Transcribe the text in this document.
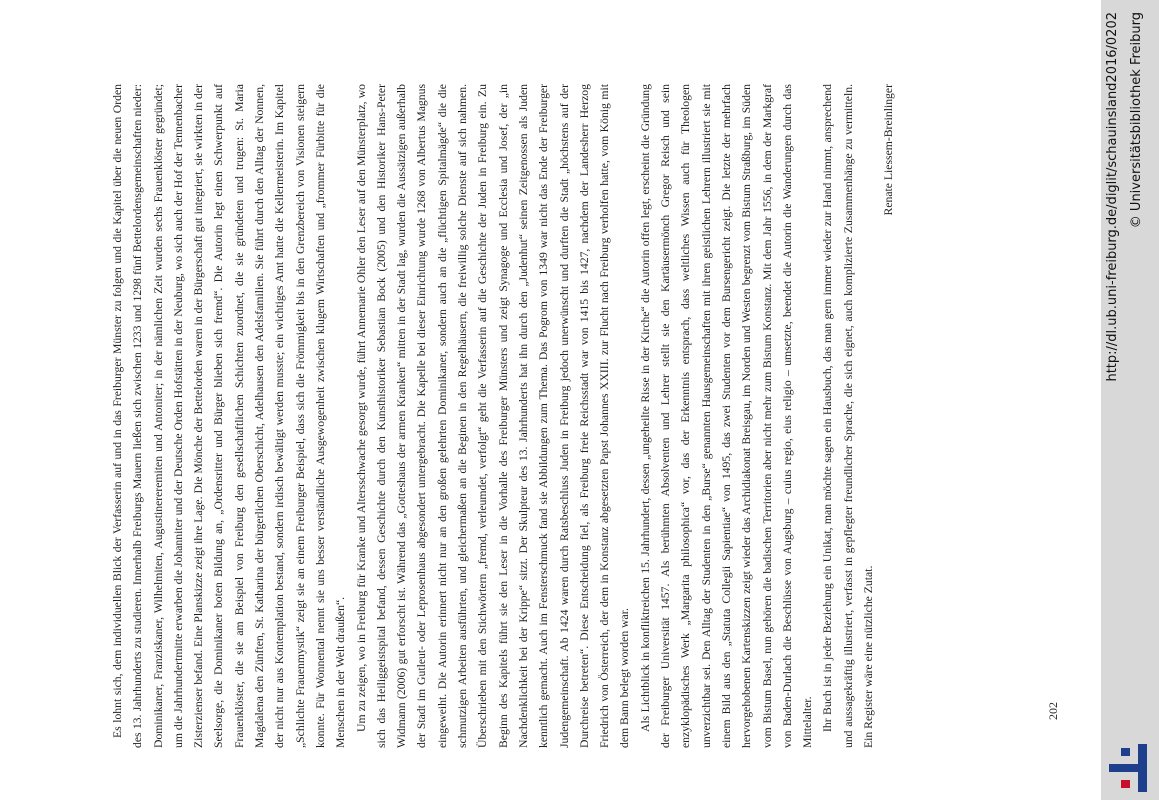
Es lohnt sich, dem individuellen Blick der Verfasserin auf und in das Freiburger Münster zu folgen und die Kapitel über die neuen Orden des 13. Jahrhunderts zu studieren. Innerhalb Freiburgs Mauern ließen sich zwischen 1233 und 1298 fünf Bettelordensgemeinschaften nieder: Dominikaner, Franziskaner, Wilhelmiten, Augustinereremiten und Antoniter; in der nämlichen Zeit wurden sechs Frauenklöster gegründet; um die Jahrhundertmitte erwarben die Johanniter und der Deutsche Orden Hofstätten in der Neuburg, wo sich auch der Hof der Tennenbacher Zisterzienser befand. Eine Planskizze zeigt ihre Lage. Die Mönche der Bettelorden waren in der Bürgerschaft gut integriert, sie wirkten in der Seelsorge, die Dominikaner boten Bildung an, „Ordensritter und Bürger blieben sich fremd“. Die Autorin legt einen Schwerpunkt auf Frauenklöster, die sie am Beispiel von Freiburg den gesellschaftlichen Schichten zuordnet, die sie gründeten und trugen: St. Maria Magdalena den Zünften, St. Katharina der bürgerlichen Oberschicht, Adelhausen den Adelsfamilien. Sie führt durch den Alltag der Nonnen, der nicht nur aus Kontemplation bestand, sondern irdisch bewältigt werden musste; ein wichtiges Amt hatte die Kellermeisterin. Im Kapitel „Schlichte Frauenmystik“ zeigt sie an einem Freiburger Beispiel, dass sich die Frömmigkeit bis in den Grenzbereich von Visionen steigern konnte. Für Wonnental nennt sie uns besser verständliche Ausgewogenheit zwischen klugem Wirtschaften und „frommer Fürbitte für die Menschen in der Welt draußen“. Um zu zeigen, wo in Freiburg für Kranke und Altersschwache gesorgt wurde, führt Annemarie Ohler den Leser auf den Münsterplatz, wo sich das Heiliggeistspital befand, dessen Geschichte durch den Kunsthistoriker Sebastian Bock (2005) und den Historiker Hans-Peter Widmann (2006) gut erforscht ist. Während das „Gotteshaus der armen Kranken“ mitten in der Stadt lag, wurden die Aussätzigen außerhalb der Stadt im Gutleut- oder Leprosenhaus abgesondert untergebracht. Die Kapelle bei dieser Einrichtung wurde 1268 von Albertus Magnus eingeweiht. Die Autorin erinnert nicht nur an den großen gelehrten Dominikaner, sondern auch an die „flüchtigen Spitalmägde“ die die schmutzigen Arbeiten ausführten, und gleichermaßen an die Beginen in den Regelhäusern, die freiwillig solche Dienste auf sich nahmen. Überschrieben mit den Stichwörtern „fremd, verleumdet, verfolgt“ geht die Verfasserin auf die Geschichte der Juden in Freiburg ein. Zu Beginn des Kapitels führt sie den Leser in die Vorhalle des Freiburger Münsters und zeigt Synagoge und Ecclesia und Josef, der „in Nachdenklichkeit bei der Krippe“ sitzt. Der Skulpteur des 13. Jahrhunderts hat ihn durch den „Judenhut“ seinen Zeitgenossen als Juden kenntlich gemacht. Auch im Fensterschmuck fand sie Abbildungen zum Thema. Das Pogrom von 1349 war nicht das Ende der Freiburger Judengemeinschaft. Ab 1424 waren durch Ratsbeschluss Juden in Freiburg jedoch unerwünscht und durften die Stadt „höchstens auf der Durchreise betreten“. Diese Entscheidung fiel, als Freiburg freie Reichsstadt war von 1415 bis 1427, nachdem der Landesherr Herzog Friedrich von Österreich, der dem in Konstanz abgesetzten Papst Johannes XXIII. zur Flucht nach Freiburg verholfen hatte, vom König mit dem Bann belegt worden war. Als Lichtblick in konfliktreichen 15. Jahrhundert, dessen „ungeheilte Risse in der Kirche“ die Autorin offen legt, erscheint die Gründung der Freiburger Universität 1457. Als berühmten Absolventen und Lehrer stellt sie den Kartäusermönch Gregor Reisch und sein enzyklopädisches Werk „Margarita philosophica“ vor, das der Erkenntnis entsprach, dass weltliches Wissen auch für Theologen unverzichtbar sei. Den Alltag der Studenten in den „Burse“ genannten Hausgemeinschaften mit ihren geistlichen Lehrern illustriert sie mit einem Bild aus den „Statuta Collegii Sapientiae“ von 1495, das zwei Studenten vor dem Bursengericht zeigt. Die letzte der mehrfach hervorgehobenen Kartenskizzen zeigt wieder das Archidiakonat Breisgau, im Norden und Westen begrenzt vom Bistum Straßburg, im Süden vom Bistum Basel, nun gehören die badischen Territorien aber nicht mehr zum Bistum Konstanz. Mit dem Jahr 1556, in dem der Markgraf von Baden-Durlach die Beschlüsse von Augsburg – cuius regio, eius religio – umsetzte, beendet die Autorin die Wanderungen durch das Mittelalter. Ihr Buch ist in jeder Beziehung ein Unikat, man möchte sagen ein Hausbuch, das man gern immer wieder zur Hand nimmt, ansprechend und aussagekräftig illustriert, verfasst in gepflegter freundlicher Sprache, die sich eignet, auch komplizierte Zusammenhänge zu vermitteln. Ein Register wäre eine nützliche Zutat.

Renate Liessem-Breinlinger

202
http://dl.ub.uni-freiburg.de/diglit/schauinsland2016/0202 © Universitätsbibliothek Freiburg
